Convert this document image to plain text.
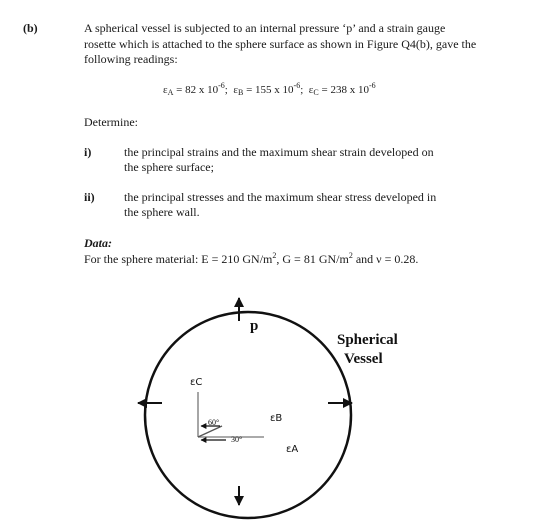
(b)	A spherical vessel is subjected to an internal pressure ‘p’ and a strain gauge
rosette which is attached to the sphere surface as shown in Figure Q4(b), gave the
following readings:
$\varepsilon_A = 82$ x $10^{-6}$; $\varepsilon_B = 155$ x $10^{-6}$; $\varepsilon_C = 238$ x $10^{-6}$
Determine:
i)	the principal strains and the maximum shear strain developed on
the sphere surface;
ii) the principal stresses and the maximum shear stress developed in
the sphere wall.
Data:
For the sphere material: E = 210 $GN/m^2$, G = 81 $GN/m^2$ and ν = 0.28.
p
Spherical
Vessel
εC
εB
εA
60°
30°
